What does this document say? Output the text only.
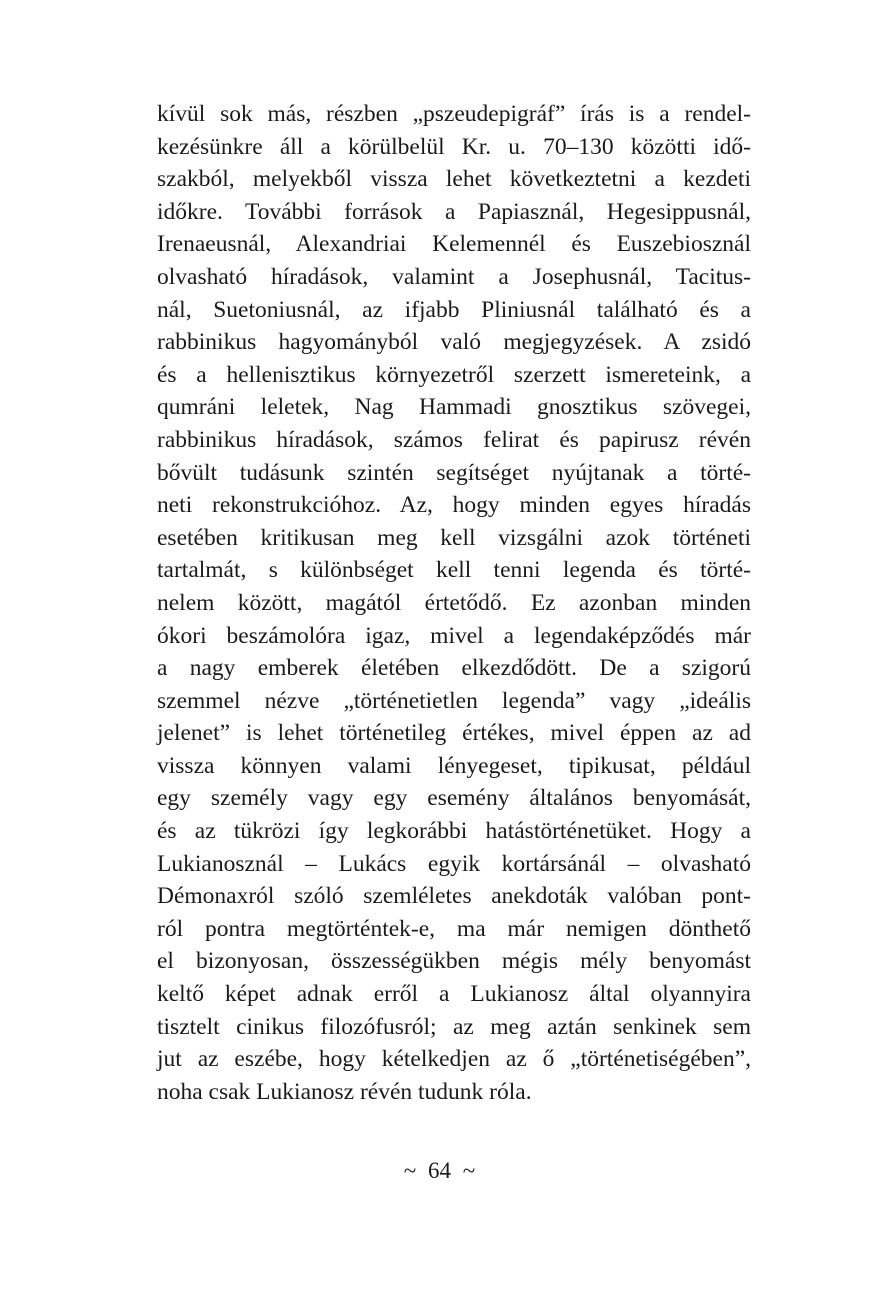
kívül sok más, részben „pszeudepigráf” írás is a rendel-
kezésünkre áll a körülbelül Kr. u. 70–130 közötti idő-
szakból, melyekből vissza lehet következtetni a kezdeti
időkre. További források a Papiasznál, Hegesippusnál,
Irenaeusnál, Alexandriai Kelemennél és Euszebiosznál
olvasható híradások, valamint a Josephusnál, Tacitus-
nál, Suetoniusnál, az ifjabb Pliniusnál található és a
rabbinikus hagyományból való megjegyzések. A zsidó
és a hellenisztikus környezetről szerzett ismereteink, a
qumráni leletek, Nag Hammadi gnosztikus szövegei,
rabbinikus híradások, számos felirat és papirusz révén
bővült tudásunk szintén segítséget nyújtanak a törté-
neti rekonstrukcióhoz. Az, hogy minden egyes híradás
esetében kritikusan meg kell vizsgálni azok történeti
tartalmát, s különbséget kell tenni legenda és törté-
nelem között, magától értetődő. Ez azonban minden
ókori beszámolóra igaz, mivel a legendaképződés már
a nagy emberek életében elkezdődött. De a szigorú
szemmel nézve „történetietlen legenda” vagy „ideális
jelenet” is lehet történetileg értékes, mivel éppen az ad
vissza könnyen valami lényegeset, tipikusat, például
egy személy vagy egy esemény általános benyomását,
és az tükrözi így legkorábbi hatástörténetüket. Hogy a
Lukianosznál – Lukács egyik kortársánál – olvasható
Démonaxról szóló szemléletes anekdoták valóban pont-
ról pontra megtörténtek-e, ma már nemigen dönthető
el bizonyosan, összességükben mégis mély benyomást
keltő képet adnak erről a Lukianosz által olyannyira
tisztelt cinikus filozófusról; az meg aztán senkinek sem
jut az eszébe, hogy kételkedjen az ő „történetiségében”,
noha csak Lukianosz révén tudunk róla.
~ 64 ~
